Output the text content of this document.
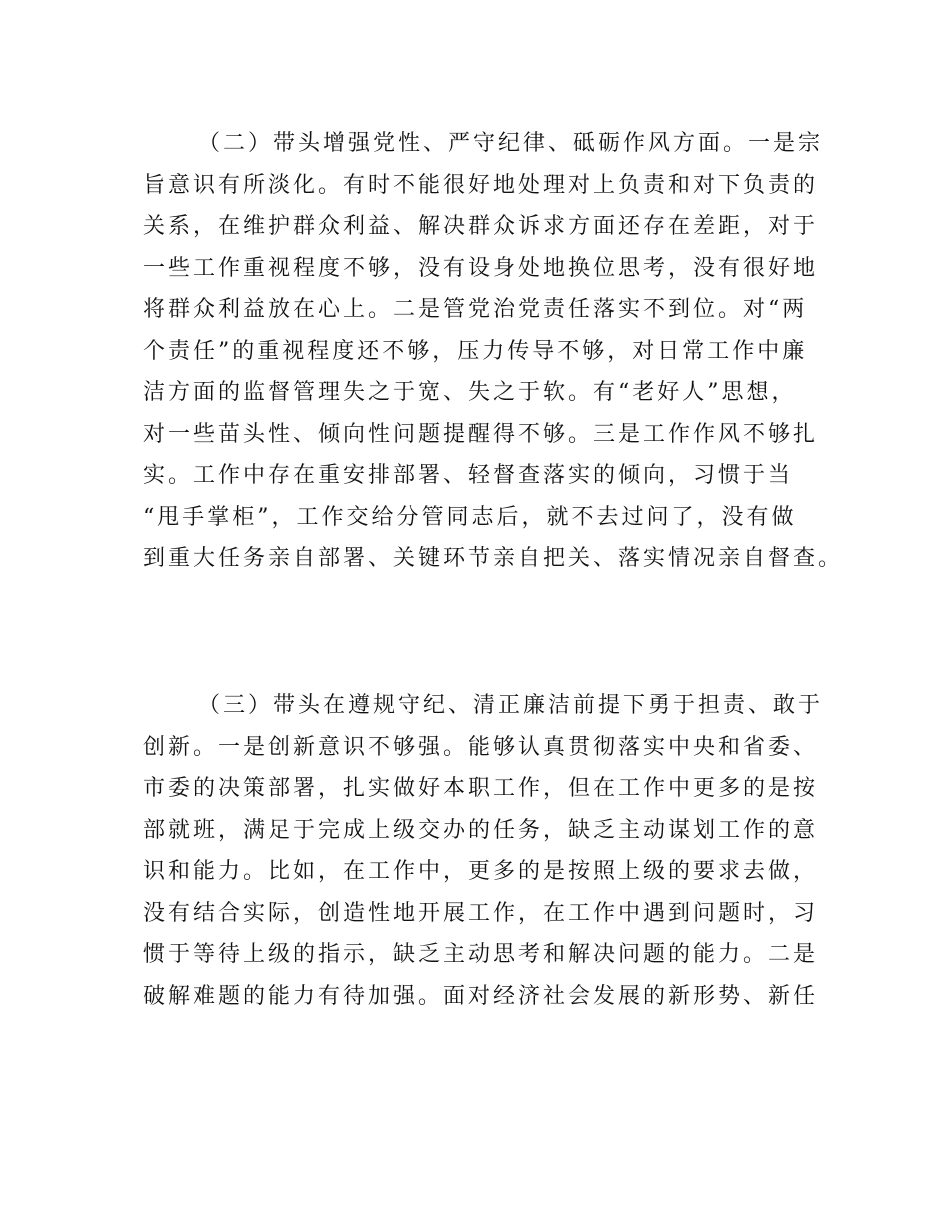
（二）带头增强党性、严守纪律、砥砺作风方面。一是宗
旨意识有所淡化。有时不能很好地处理对上负责和对下负责的
关系，在维护群众利益、解决群众诉求方面还存在差距，对于
一些工作重视程度不够，没有设身处地换位思考，没有很好地
将群众利益放在心上。二是管党治党责任落实不到位。对“两
个责任”的重视程度还不够，压力传导不够，对日常工作中廉
洁方面的监督管理失之于宽、失之于软。有“老好人”思想，
对一些苗头性、倾向性问题提醒得不够。三是工作作风不够扎
实。工作中存在重安排部署、轻督查落实的倾向，习惯于当
“甩手掌柜”，工作交给分管同志后，就不去过问了，没有做
到重大任务亲自部署、关键环节亲自把关、落实情况亲自督查。

（三）带头在遵规守纪、清正廉洁前提下勇于担责、敢于
创新。一是创新意识不够强。能够认真贯彻落实中央和省委、
市委的决策部署，扎实做好本职工作，但在工作中更多的是按
部就班，满足于完成上级交办的任务，缺乏主动谋划工作的意
识和能力。比如，在工作中，更多的是按照上级的要求去做，
没有结合实际，创造性地开展工作，在工作中遇到问题时，习
惯于等待上级的指示，缺乏主动思考和解决问题的能力。二是
破解难题的能力有待加强。面对经济社会发展的新形势、新任
